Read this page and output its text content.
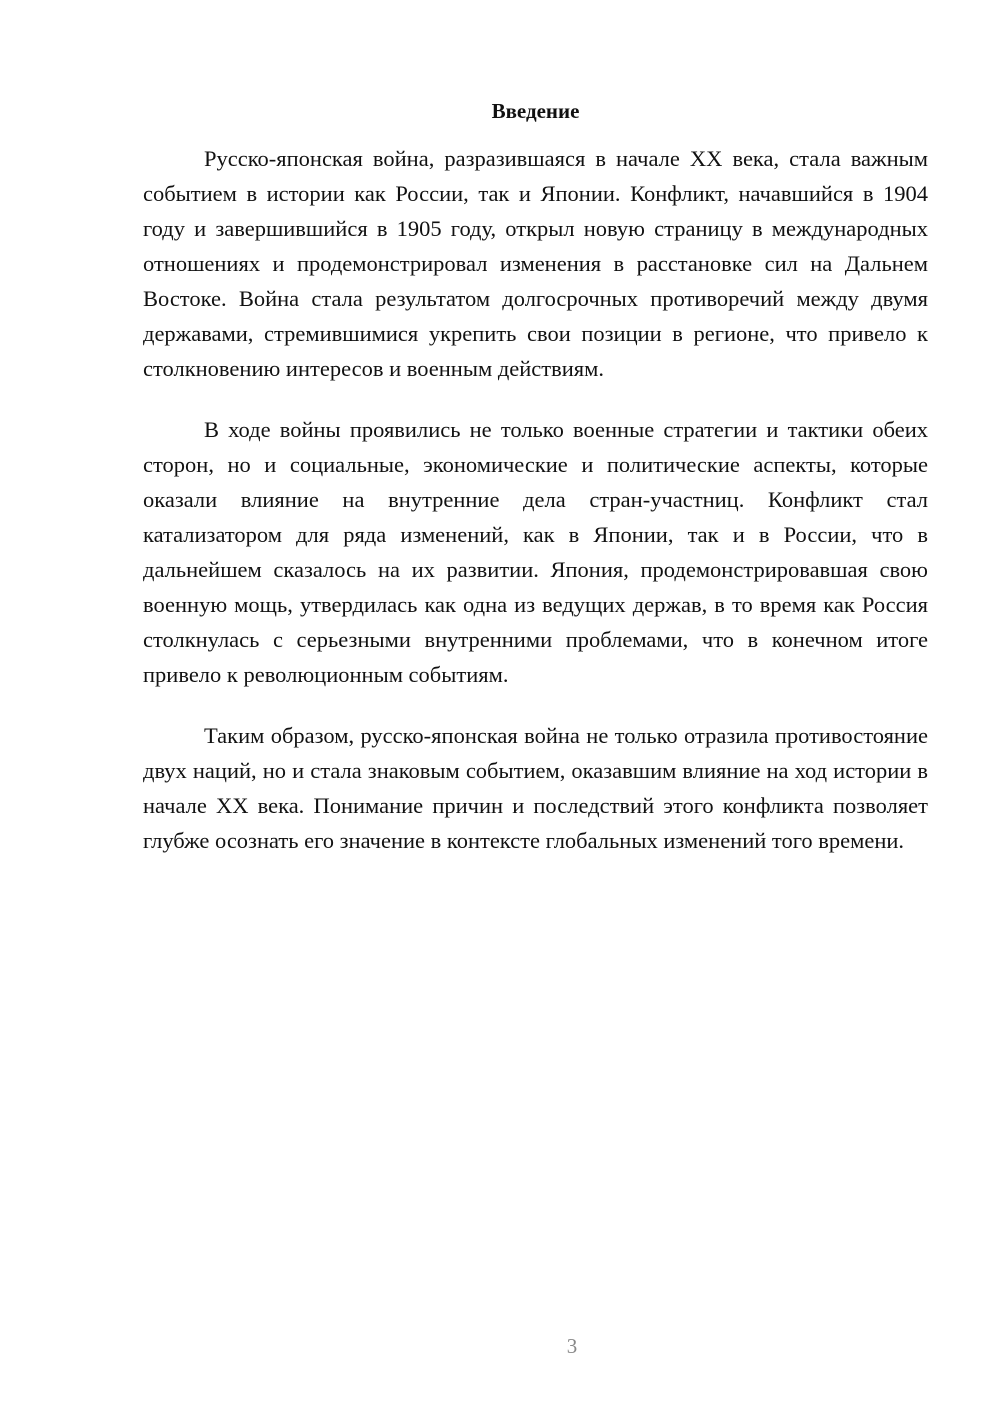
Введение

Русско-японская война, разразившаяся в начале XX века, стала важным событием в истории как России, так и Японии. Конфликт, начавшийся в 1904 году и завершившийся в 1905 году, открыл новую страницу в международных отношениях и продемонстрировал изменения в расстановке сил на Дальнем Востоке. Война стала результатом долгосрочных противоречий между двумя державами, стремившимися укрепить свои позиции в регионе, что привело к столкновению интересов и военным действиям.

В ходе войны проявились не только военные стратегии и тактики обеих сторон, но и социальные, экономические и политические аспекты, которые оказали влияние на внутренние дела стран-участниц. Конфликт стал катализатором для ряда изменений, как в Японии, так и в России, что в дальнейшем сказалось на их развитии. Япония, продемонстрировавшая свою военную мощь, утвердилась как одна из ведущих держав, в то время как Россия столкнулась с серьезными внутренними проблемами, что в конечном итоге привело к революционным событиям.

Таким образом, русско-японская война не только отразила противостояние двух наций, но и стала знаковым событием, оказавшим влияние на ход истории в начале XX века. Понимание причин и последствий этого конфликта позволяет глубже осознать его значение в контексте глобальных изменений того времени.

3
